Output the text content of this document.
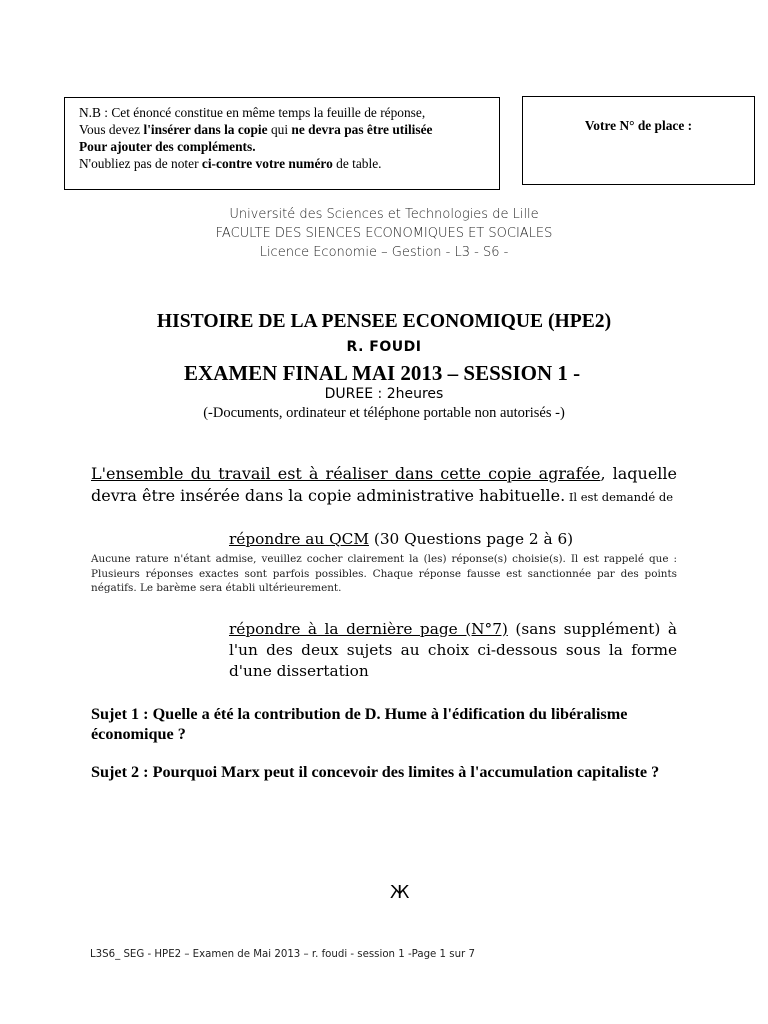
N.B : Cet énoncé constitue en même temps la feuille de réponse,
Vous devez l'insérer dans la copie qui ne devra pas être utilisée
Pour ajouter des compléments.
N'oubliez pas de noter ci-contre votre numéro de table.
Votre N° de place :
Université des Sciences et Technologies de Lille
FACULTE DES SIENCES ECONOMIQUES ET SOCIALES
Licence Economie – Gestion - L3 - S6 -
HISTOIRE DE LA PENSEE ECONOMIQUE (HPE2)
R. FOUDI
EXAMEN FINAL MAI 2013 – SESSION 1 -
DUREE : 2heures
(-Documents, ordinateur et téléphone portable non autorisés -)
L'ensemble du travail est à réaliser dans cette copie agrafée, laquelle devra être insérée dans la copie administrative habituelle. Il est demandé de
répondre au QCM (30 Questions page 2 à 6)
Aucune rature n'étant admise, veuillez cocher clairement la (les) réponse(s) choisie(s). Il est rappelé que : Plusieurs réponses exactes sont parfois possibles. Chaque réponse fausse est sanctionnée par des points négatifs. Le barème sera établi ultérieurement.
répondre à la dernière page (N°7) (sans supplément) à l'un des deux sujets au choix ci-dessous sous la forme d'une dissertation
Sujet 1 : Quelle a été la contribution de D. Hume à l'édification du libéralisme économique ?
Sujet 2 : Pourquoi Marx peut il concevoir des limites à l'accumulation capitaliste ?
Ж
L3S6_ SEG - HPE2 – Examen de Mai 2013 – r. foudi - session 1 -Page 1 sur 7
